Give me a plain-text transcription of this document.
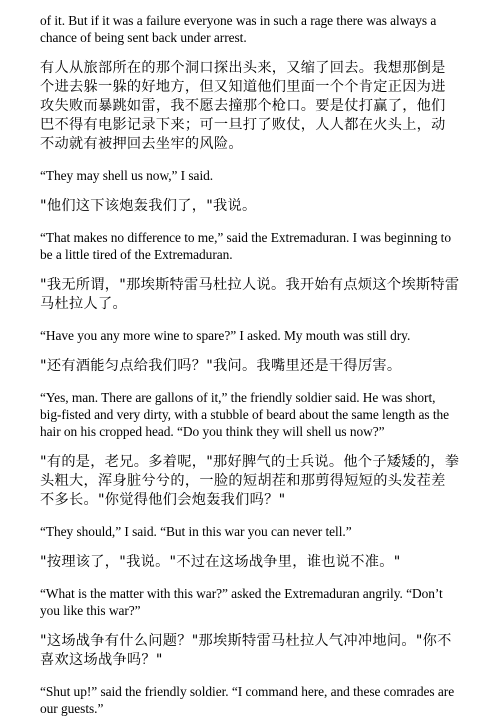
of it. But if it was a failure everyone was in such a rage there was always a chance of being sent back under arrest.

有人从旅部所在的那个洞口探出头来，又缩了回去。我想那倒是个进去躲一躲的好地方，但又知道他们里面一个个肯定正因为进攻失败而暴跳如雷，我不愿去撞那个枪口。要是仗打赢了，他们巴不得有电影记录下来；可一旦打了败仗，人人都在火头上，动不动就有被押回去坐牢的风险。

“They may shell us now,” I said.

"他们这下该炮轰我们了，"我说。

“That makes no difference to me,” said the Extremaduran. I was beginning to be a little tired of the Extremaduran.

"我无所谓，"那埃斯特雷马杜拉人说。我开始有点烦这个埃斯特雷马杜拉人了。

“Have you any more wine to spare?” I asked. My mouth was still dry.

"还有酒能匀点给我们吗？"我问。我嘴里还是干得厉害。

“Yes, man. There are gallons of it,” the friendly soldier said. He was short, big-fisted and very dirty, with a stubble of beard about the same length as the hair on his cropped head. “Do you think they will shell us now?”

"有的是，老兄。多着呢，"那好脾气的士兵说。他个子矮矮的，拳头粗大，浑身脏兮兮的，一脸的短胡茬和那剪得短短的头发茬差不多长。"你觉得他们会炮轰我们吗？"

“They should,” I said. “But in this war you can never tell.”

"按理该了，"我说。"不过在这场战争里，谁也说不准。"

“What is the matter with this war?” asked the Extremaduran angrily. “Don’t you like this war?”

"这场战争有什么问题？"那埃斯特雷马杜拉人气冲冲地问。"你不喜欢这场战争吗？"

“Shut up!” said the friendly soldier. “I command here, and these comrades are our guests.”
